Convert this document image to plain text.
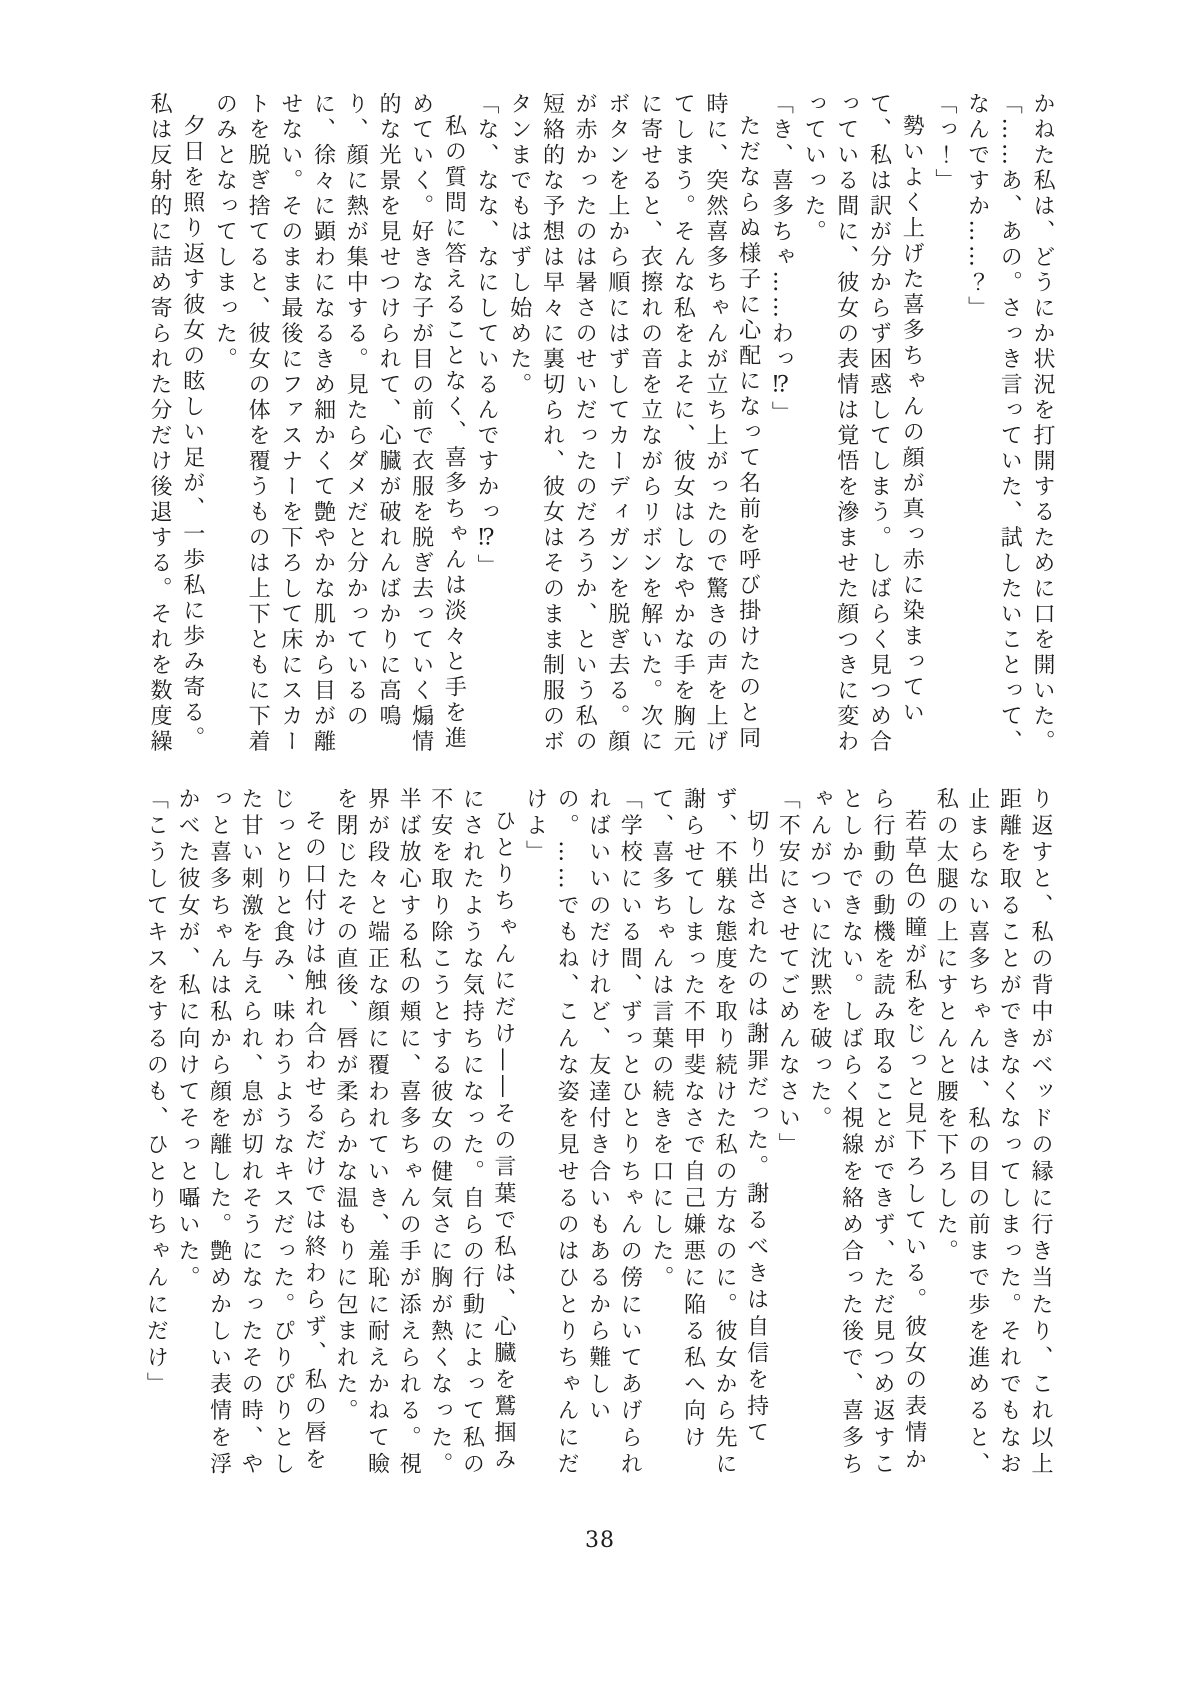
かねた私は、どうにか状況を打開するために口を開いた。

「……あ、あの。さっき言っていた、試したいことって、なんですか……？」

「っ！」

勢いよく上げた喜多ちゃんの顔が真っ赤に染まっていて、私は訳が分からず困惑してしまう。しばらく見つめ合っている間に、彼女の表情は覚悟を滲ませた顔つきに変わっていった。

「き、喜多ちゃ……わっ⁉」

ただならぬ様子に心配になって名前を呼び掛けたのと同時に、突然喜多ちゃんが立ち上がったので驚きの声を上げてしまう。そんな私をよそに、彼女はしなやかな手を胸元に寄せると、衣擦れの音を立ながらリボンを解いた。次にボタンを上から順にはずしてカーディガンを脱ぎ去る。顔が赤かったのは暑さのせいだったのだろうか、という私の短絡的な予想は早々に裏切られ、彼女はそのまま制服のボタンまでもはずし始めた。

「な、なな、なにしているんですかっ⁉」

私の質問に答えることなく、喜多ちゃんは淡々と手を進めていく。好きな子が目の前で衣服を脱ぎ去っていく煽情的な光景を見せつけられて、心臓が破れんばかりに高鳴り、顔に熱が集中する。見たらダメだと分かっているのに、徐々に顕わになるきめ細かくて艶やかな肌から目が離せない。そのまま最後にファスナーを下ろして床にスカートを脱ぎ捨てると、彼女の体を覆うものは上下ともに下着のみとなってしまった。

夕日を照り返す彼女の眩しい足が、一歩私に歩み寄る。私は反射的に詰め寄られた分だけ後退する。それを数度繰

り返すと、私の背中がベッドの縁に行き当たり、これ以上距離を取ることができなくなってしまった。それでもなお止まらない喜多ちゃんは、私の目の前まで歩を進めると、私の太腿の上にすとんと腰を下ろした。

若草色の瞳が私をじっと見下ろしている。彼女の表情から行動の動機を読み取ることができず、ただ見つめ返すことしかできない。しばらく視線を絡め合った後で、喜多ちゃんがついに沈黙を破った。

「不安にさせてごめんなさい」

切り出されたのは謝罪だった。謝るべきは自信を持てず、不躾な態度を取り続けた私の方なのに。彼女から先に謝らせてしまった不甲斐なさで自己嫌悪に陥る私へ向けて、喜多ちゃんは言葉の続きを口にした。

「学校にいる間、ずっとひとりちゃんの傍にいてあげられればいいのだけれど、友達付き合いもあるから難しいの。……でもね、こんな姿を見せるのはひとりちゃんにだけよ」

ひとりちゃんにだけ――その言葉で私は、心臓を鷲掴みにされたような気持ちになった。自らの行動によって私の不安を取り除こうとする彼女の健気さに胸が熱くなった。半ば放心する私の頬に、喜多ちゃんの手が添えられる。視界が段々と端正な顔に覆われていき、羞恥に耐えかねて瞼を閉じたその直後、唇が柔らかな温もりに包まれた。

その口付けは触れ合わせるだけでは終わらず、私の唇をじっとりと食み、味わうようなキスだった。ぴりぴりとした甘い刺激を与えられ、息が切れそうになったその時、やっと喜多ちゃんは私から顔を離した。艶めかしい表情を浮かべた彼女が、私に向けてそっと囁いた。

「こうしてキスをするのも、ひとりちゃんにだけ」

38
